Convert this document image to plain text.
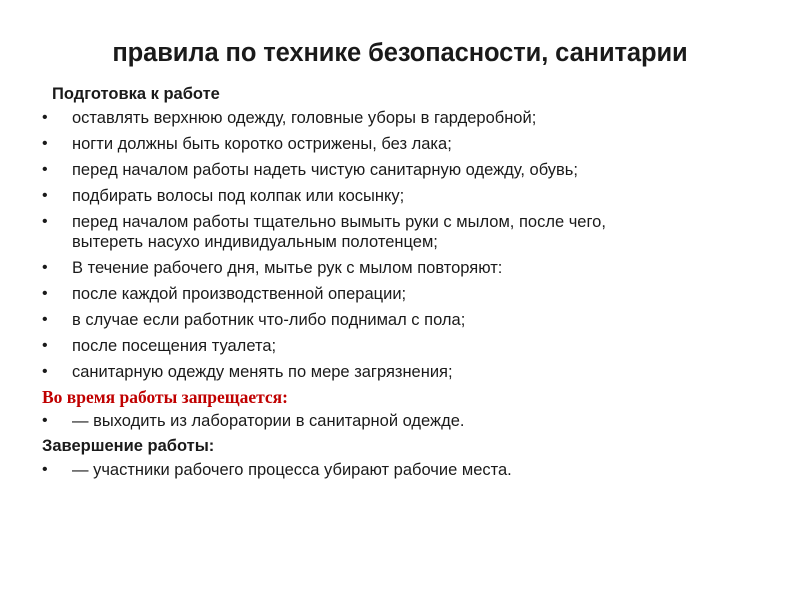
правила по технике безопасности, санитарии
Подготовка к работе
•	оставлять верхнюю одежду, головные уборы в гардеробной;
•	ногти должны быть коротко острижены, без лака;
•	перед началом работы надеть чистую санитарную одежду, обувь;
•	подбирать волосы под колпак или косынку;
•	перед началом работы тщательно вымыть руки с мылом, после чего,
вытереть насухо индивидуальным полотенцем;
•	В течение рабочего дня, мытье рук с мылом повторяют:
•	после каждой производственной операции;
•	в случае если работник что-либо поднимал с пола;
•	после посещения туалета;
•	санитарную одежду менять по мере загрязнения;
Во время работы запрещается:
•	— выходить из лаборатории в санитарной одежде.
Завершение работы:
•	— участники рабочего процесса убирают рабочие места.
